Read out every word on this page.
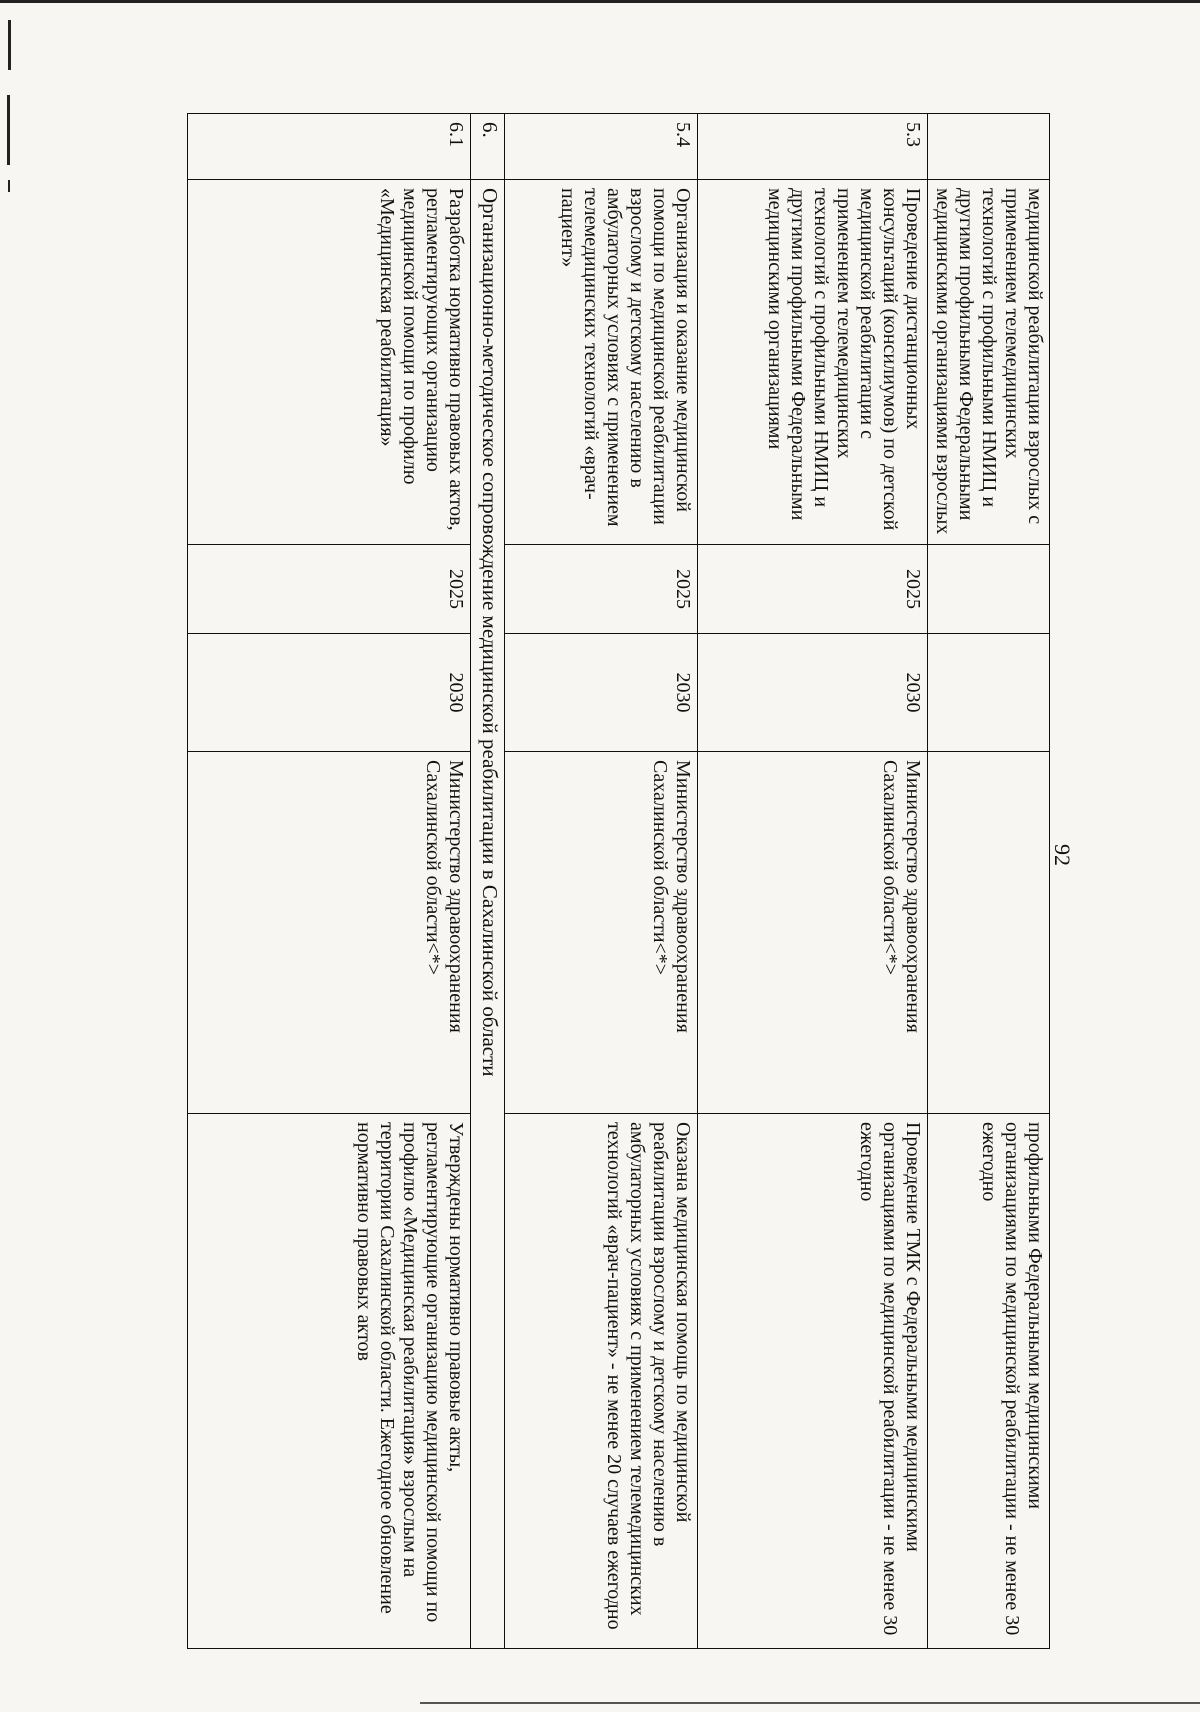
92
	медицинской реабилитации взрослых с применением телемедицинских технологий с профильными НМИЦ и другими профильными Федеральными медицинскими организациями взрослых				профильными Федеральными медицинскими организациями по медицинской реабилитации - не менее 30 ежегодно
5.3	Проведение дистанционных консультаций (консилиумов) по детской медицинской реабилитации с применением телемедицинских технологий с профильными НМИЦ и другими профильными Федеральными медицинскими организациями	2025	2030	Министерство здравоохранения Сахалинской области<*>	Проведение ТМК с Федеральными медицинскими организациями по медицинской реабилитации - не менее 30 ежегодно
5.4	Организация и оказание медицинской помощи по медицинской реабилитации взрослому и детскому населению в амбулаторных условиях с применением телемедицинских технологий «врач-пациент»	2025	2030	Министерство здравоохранения Сахалинской области<*>	Оказана медицинская помощь по медицинской реабилитации взрослому и детскому населению в амбулаторных условиях с применением телемедицинских технологий «врач-пациент» - не менее 20 случаев ежегодно
6.	Организационно-методическое сопровождение медицинской реабилитации в Сахалинской области				
6.1	Разработка нормативно правовых актов, регламентирующих организацию медицинской помощи по профилю «Медицинская реабилитация»	2025	2030	Министерство здравоохранения Сахалинской области<*>	Утверждены нормативно правовые акты, регламентирующие организацию медицинской помощи по профилю «Медицинская реабилитация» взрослым на территории Сахалинской области. Ежегодное обновление нормативно правовых актов
